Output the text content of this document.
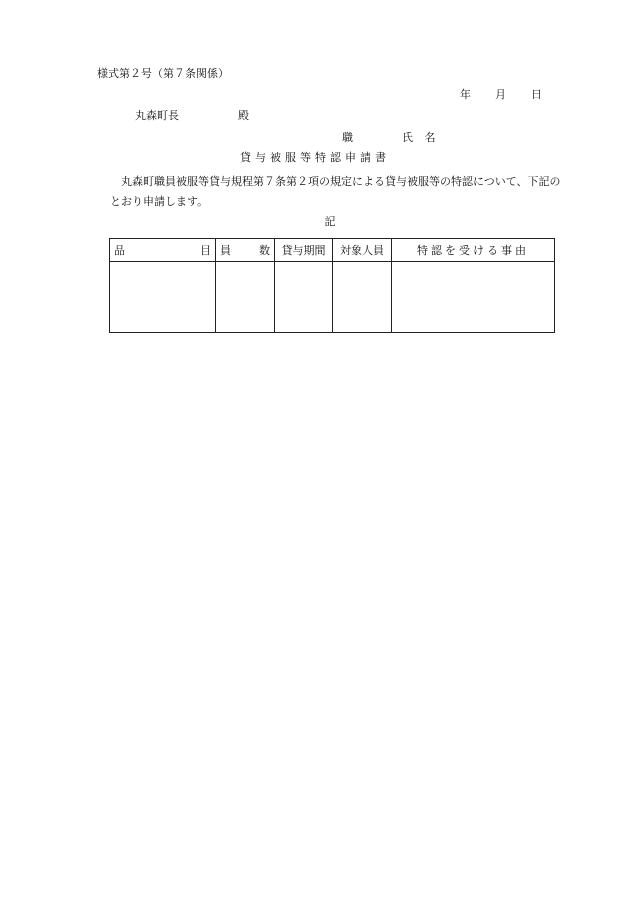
様式第２号（第７条関係）
年 月 日
丸森町長	殿
職	氏 名
貸与被服等特認申請書
丸森町職員被服等貸与規程第７条第２項の規定による貸与被服等の特認について、下記のとおり申請します。
記
品 目	員 数	貸与期間	対象人員	特認を受ける事由
